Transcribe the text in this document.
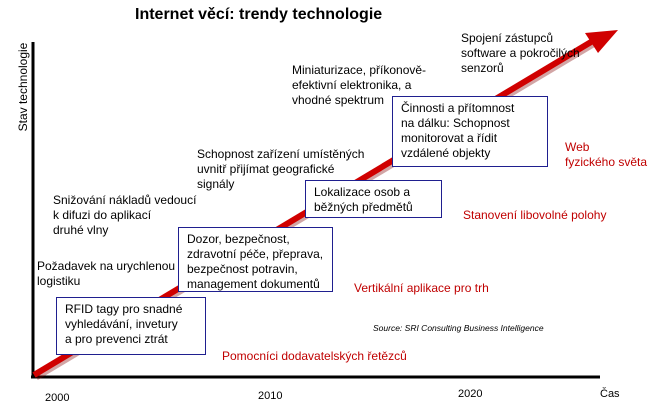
Internet věcí: trendy technologie
Stav technologie
Čas
2000	2010	2020
Požadavek na urychlenou
logistiku
Snižování nákladů vedoucí
k difuzi do aplikací
druhé vlny
Schopnost zařízení umístěných
uvnitř přijímat geografické
signály
Miniaturizace, příkonově-
efektivní elektronika, a
vhodné spektrum
Spojení zástupců
software a pokročilých
senzorů
RFID tagy pro snadné
vyhledávání, invetury
a pro prevenci ztrát
Dozor, bezpečnost,
zdravotní péče, přeprava,
bezpečnost potravin,
management dokumentů
Lokalizace osob a
běžných předmětů
Činnosti a přítomnost
na dálku: Schopnost
monitorovat a řídit
vzdálené objekty
Pomocníci dodavatelských řetězců
Vertikální aplikace pro trh
Stanovení libovolné polohy
Web
fyzického světa
Source: SRI Consulting Business Intelligence
